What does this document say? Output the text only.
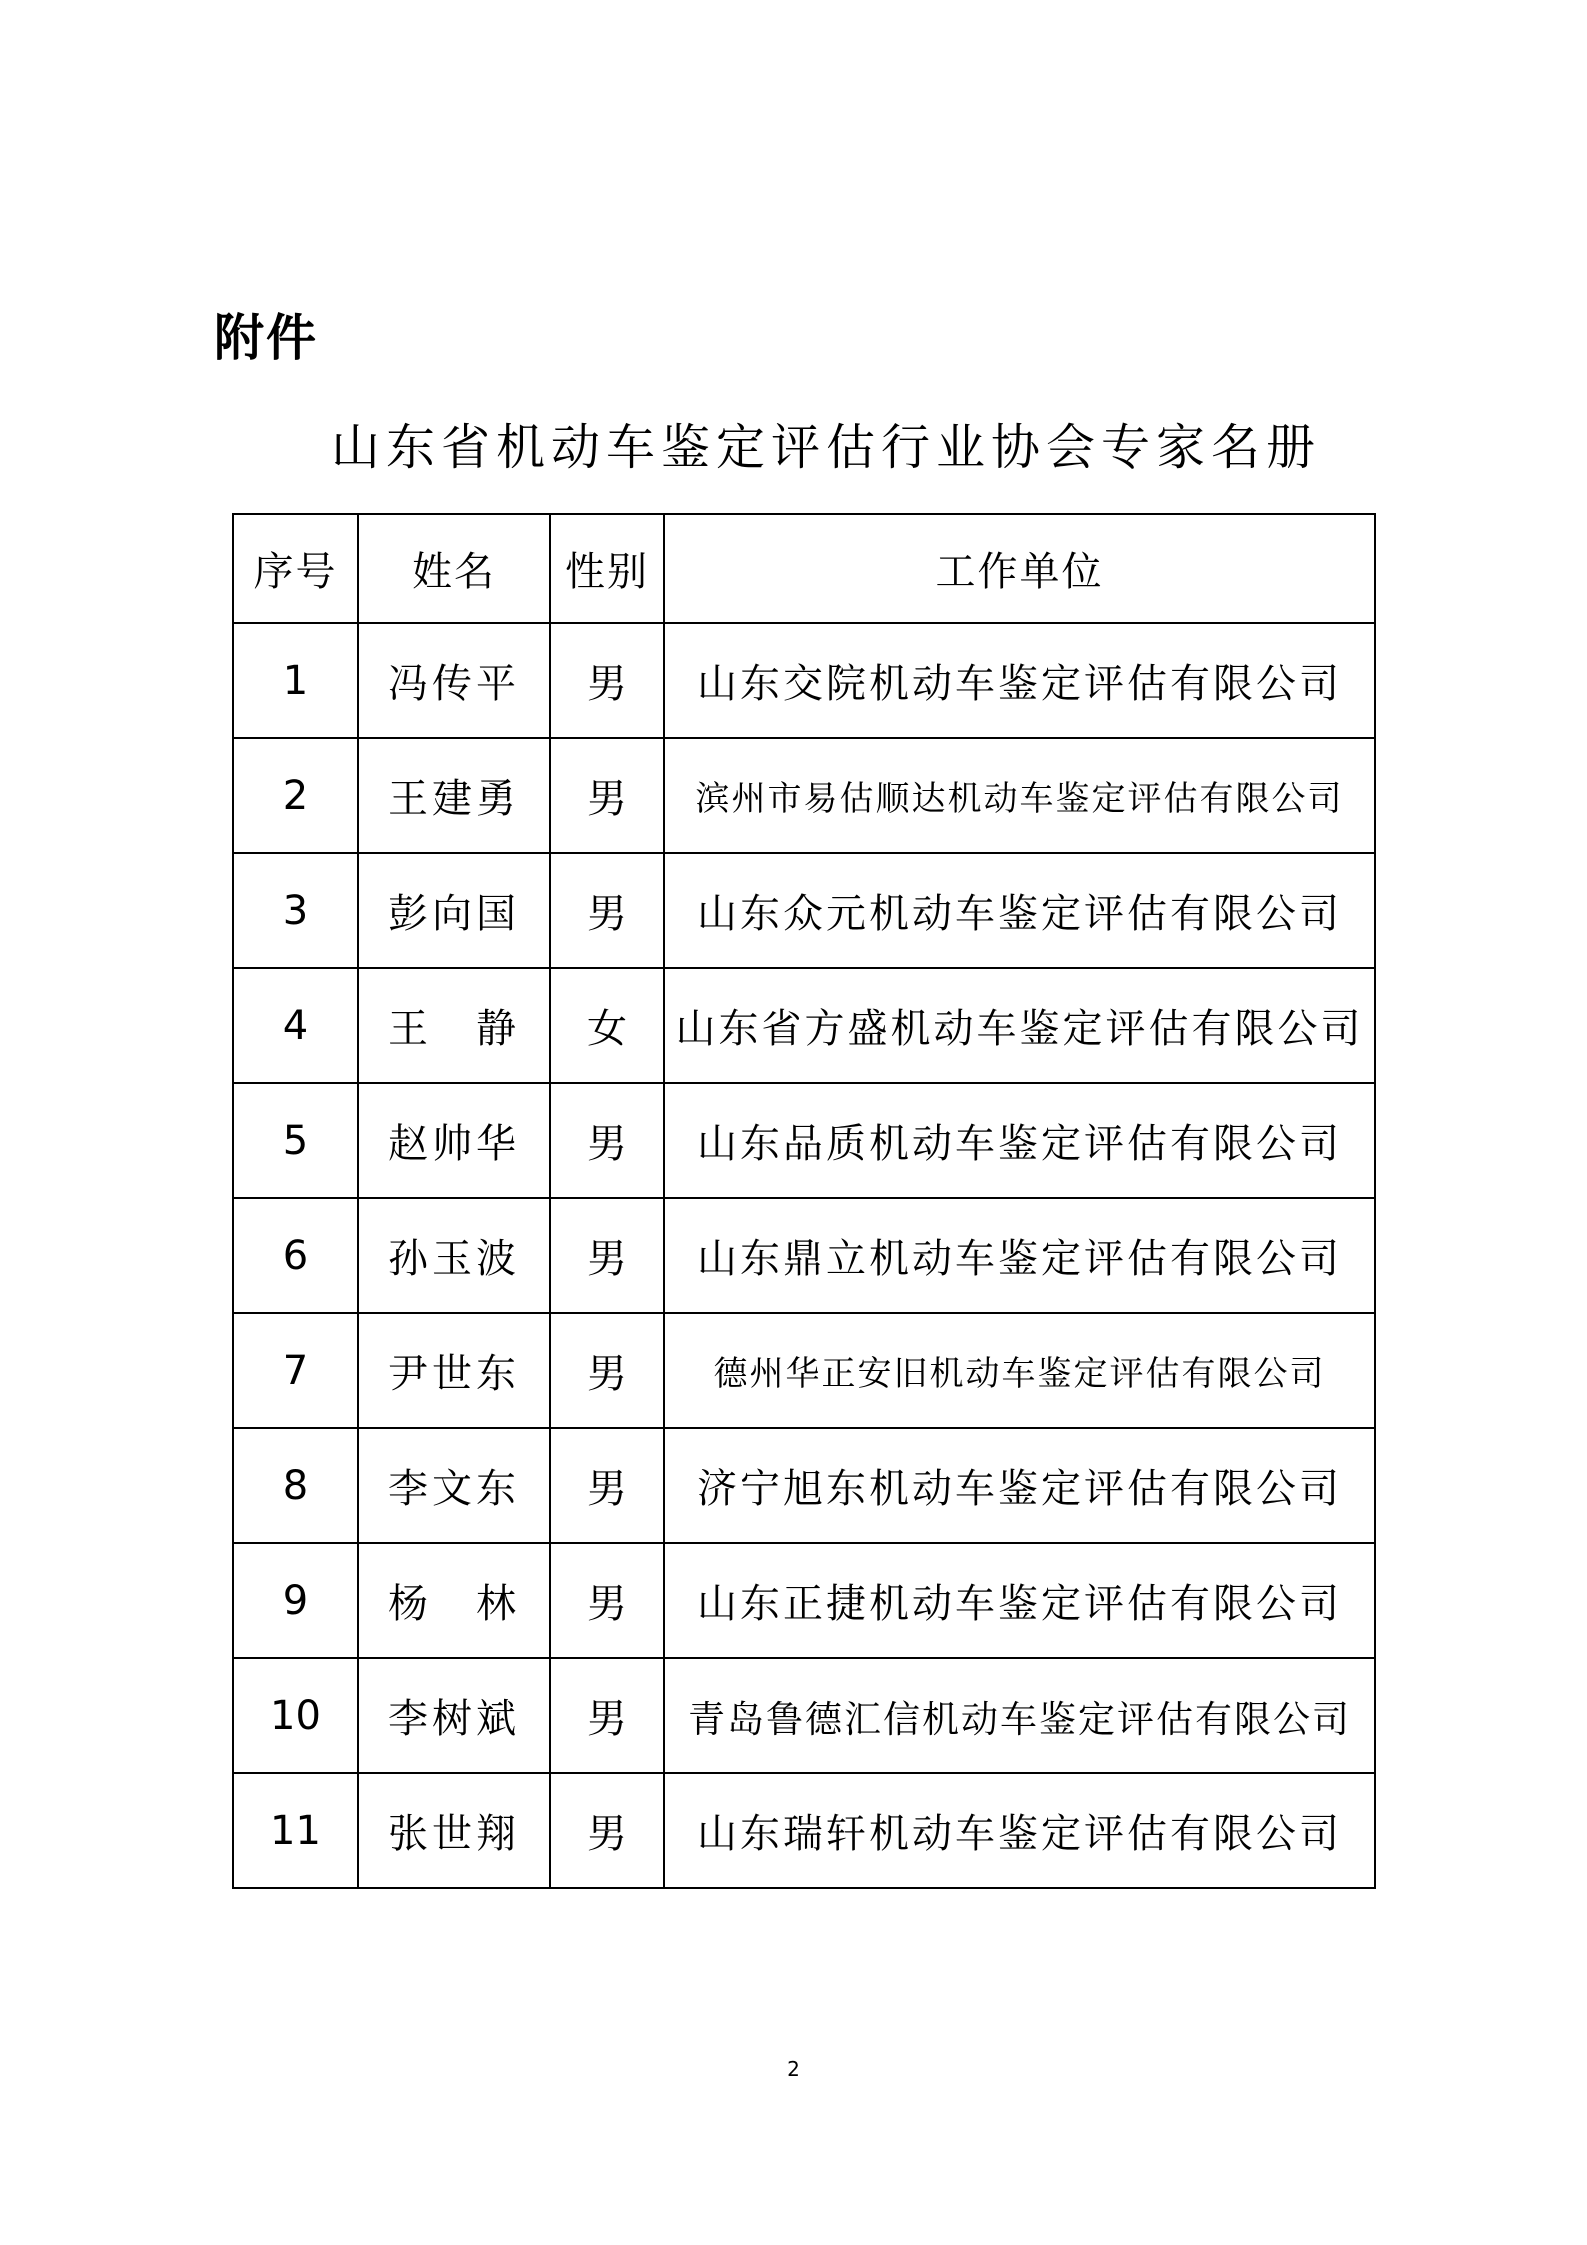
附件
山东省机动车鉴定评估行业协会专家名册
序号	姓名	性别	工作单位
1	冯传平	男	山东交院机动车鉴定评估有限公司
2	王建勇	男	滨州市易估顺达机动车鉴定评估有限公司
3	彭向国	男	山东众元机动车鉴定评估有限公司
4	王　静	女	山东省方盛机动车鉴定评估有限公司
5	赵帅华	男	山东品质机动车鉴定评估有限公司
6	孙玉波	男	山东鼎立机动车鉴定评估有限公司
7	尹世东	男	德州华正安旧机动车鉴定评估有限公司
8	李文东	男	济宁旭东机动车鉴定评估有限公司
9	杨　林	男	山东正捷机动车鉴定评估有限公司
10	李树斌	男	青岛鲁德汇信机动车鉴定评估有限公司
11	张世翔	男	山东瑞轩机动车鉴定评估有限公司
2
